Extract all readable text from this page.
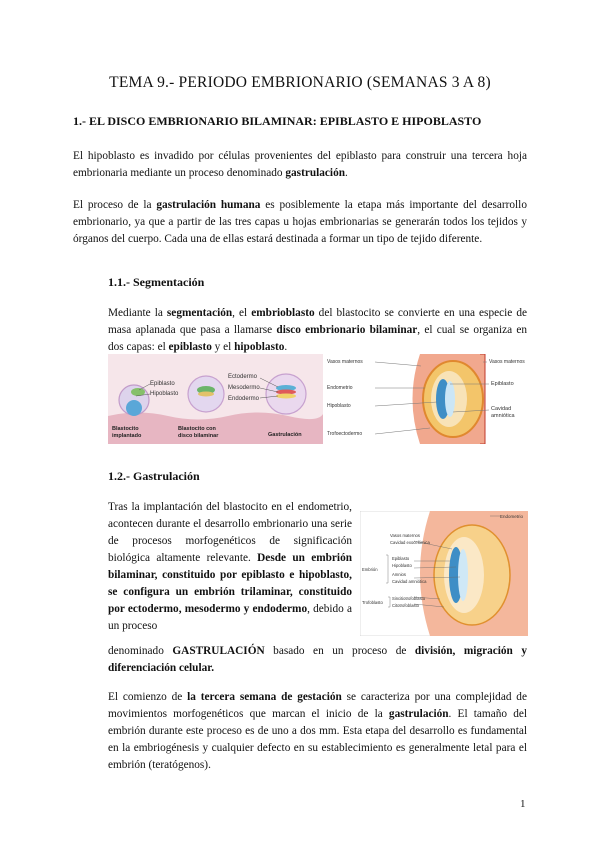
TEMA 9.- PERIODO EMBRIONARIO (SEMANAS 3 A 8)
1.- EL DISCO EMBRIONARIO BILAMINAR: EPIBLASTO E HIPOBLASTO
El hipoblasto es invadido por células provenientes del epiblasto para construir una tercera hoja embrionaria mediante un proceso denominado gastrulación.
El proceso de la gastrulación humana es posiblemente la etapa más importante del desarrollo embrionario, ya que a partir de las tres capas u hojas embrionarias se generarán todos los tejidos y órganos del cuerpo. Cada una de ellas estará destinada a formar un tipo de tejido diferente.
1.1.- Segmentación
Mediante la segmentación, el embrioblasto del blastocito se convierte en una especie de masa aplanada que pasa a llamarse disco embrionario bilaminar, el cual se organiza en dos capas: el epiblasto y el hipoblasto.
Epiblasto
Hipoblasto
Ectodermo
Mesodermo
Endodermo
Blastocito
implantado
Blastocito con
disco bilaminar	Gastrulación
Vasos maternos
Endometrio
Hipoblasto
Trofoectodermo
Vasos maternos
Epiblasto
Cavidad
amniótica
1.2.- Gastrulación
Tras la implantación del blastocito en el endometrio, acontecen durante el desarrollo embrionario una serie de procesos morfogenéticos de significación biológica altamente relevante. Desde un embrión bilaminar, constituido por epiblasto e hipoblasto, se configura un embrión trilaminar, constituido por ectodermo, mesodermo y endodermo, debido a un proceso
Endometrio
Vasos maternos
Cavidad exocelómica
Epiblasto
Hipoblasto
Amnios
Cavidad amniótica
Sincitiotrofoblasto
Citotrofoblasto
Embrión
Trofoblasto
denominado GASTRULACIÓN basado en un proceso de división, migración y diferenciación celular.
El comienzo de la tercera semana de gestación se caracteriza por una complejidad de movimientos morfogenéticos que marcan el inicio de la gastrulación. El tamaño del embrión durante este proceso es de uno a dos mm. Esta etapa del desarrollo es fundamental en la embriogénesis y cualquier defecto en su establecimiento es generalmente letal para el embrión (teratógenos).
1
